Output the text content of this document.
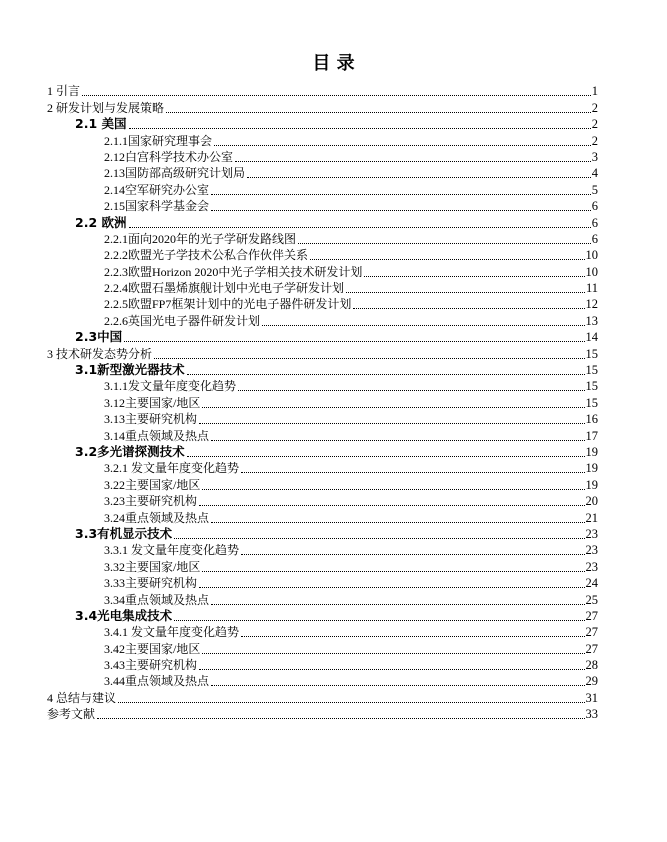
目 录
1 引言	1
2 研发计划与发展策略	2
2.1 美国	2
2.1.1国家研究理事会	2
2.12白宫科学技术办公室	3
2.13国防部高级研究计划局	4
2.14空军研究办公室	5
2.15国家科学基金会	6
2.2 欧洲	6
2.2.1面向2020年的光子学研发路线图	6
2.2.2欧盟光子学技术公私合作伙伴关系	10
2.2.3欧盟Horizon 2020中光子学相关技术研发计划	10
2.2.4欧盟石墨烯旗舰计划中光电子学研发计划	11
2.2.5欧盟FP7框架计划中的光电子器件研发计划	12
2.2.6英国光电子器件研发计划	13
2.3中国	14
3 技术研发态势分析	15
3.1新型激光器技术	15
3.1.1发文量年度变化趋势	15
3.12主要国家/地区	15
3.13主要研究机构	16
3.14重点领域及热点	17
3.2多光谱探测技术	19
3.2.1 发文量年度变化趋势	19
3.22主要国家/地区	19
3.23主要研究机构	20
3.24重点领域及热点	21
3.3有机显示技术	23
3.3.1 发文量年度变化趋势	23
3.32主要国家/地区	23
3.33主要研究机构	24
3.34重点领域及热点	25
3.4光电集成技术	27
3.4.1 发文量年度变化趋势	27
3.42主要国家/地区	27
3.43主要研究机构	28
3.44重点领域及热点	29
4 总结与建议	31
参考文献	33
